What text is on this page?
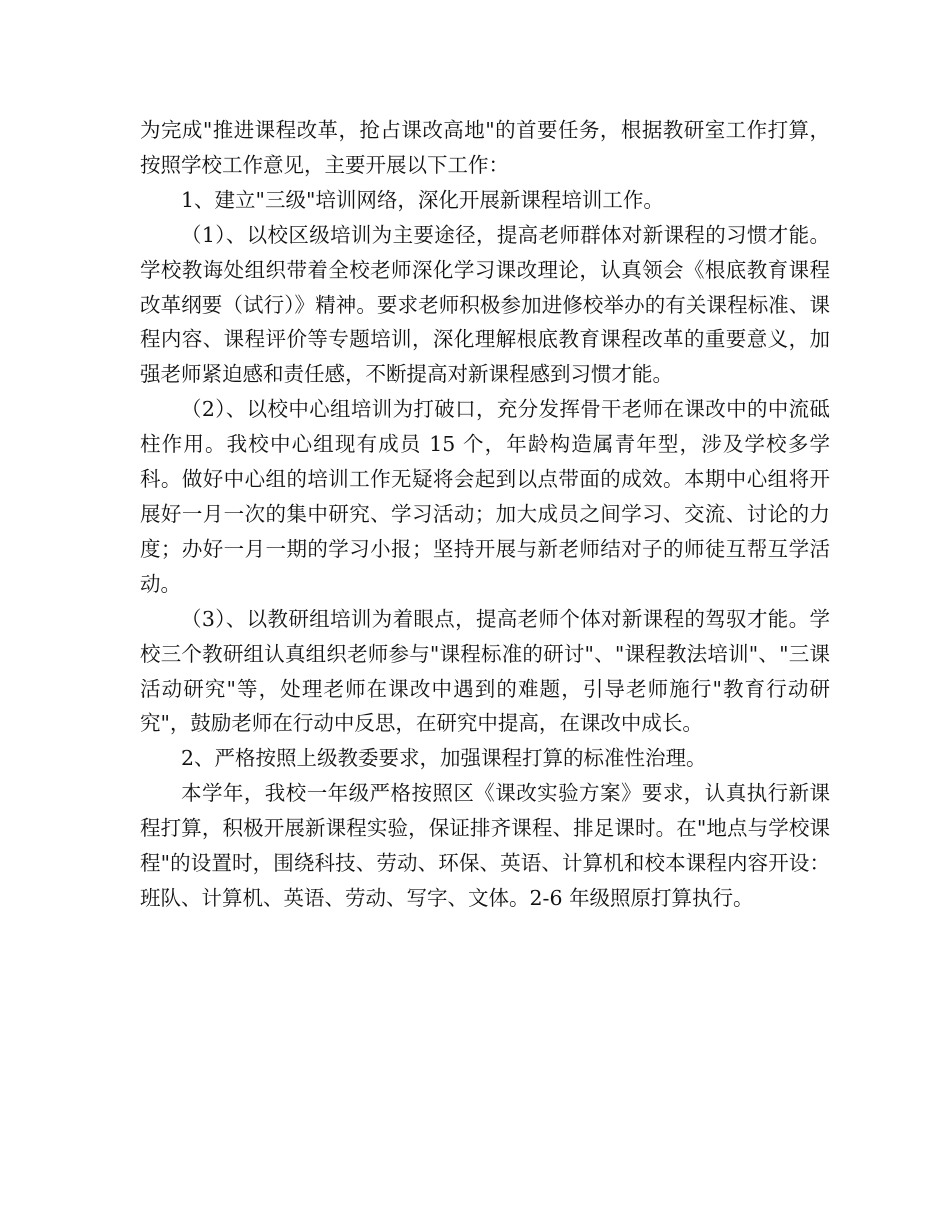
为完成"推进课程改革，抢占课改高地"的首要任务，根据教研室工作打算，按照学校工作意见，主要开展以下工作：

1、建立"三级"培训网络，深化开展新课程培训工作。

（1）、以校区级培训为主要途径，提高老师群体对新课程的习惯才能。学校教诲处组织带着全校老师深化学习课改理论，认真领会《根底教育课程改革纲要（试行）》精神。要求老师积极参加进修校举办的有关课程标准、课程内容、课程评价等专题培训，深化理解根底教育课程改革的重要意义，加强老师紧迫感和责任感，不断提高对新课程感到习惯才能。

（2）、以校中心组培训为打破口，充分发挥骨干老师在课改中的中流砥柱作用。我校中心组现有成员 15 个，年龄构造属青年型，涉及学校多学科。做好中心组的培训工作无疑将会起到以点带面的成效。本期中心组将开展好一月一次的集中研究、学习活动；加大成员之间学习、交流、讨论的力度；办好一月一期的学习小报；坚持开展与新老师结对子的师徒互帮互学活动。

（3）、以教研组培训为着眼点，提高老师个体对新课程的驾驭才能。学校三个教研组认真组织老师参与"课程标准的研讨"、"课程教法培训"、"三课活动研究"等，处理老师在课改中遇到的难题，引导老师施行"教育行动研究"，鼓励老师在行动中反思，在研究中提高，在课改中成长。

2、严格按照上级教委要求，加强课程打算的标准性治理。

本学年，我校一年级严格按照区《课改实验方案》要求，认真执行新课程打算，积极开展新课程实验，保证排齐课程、排足课时。在"地点与学校课程"的设置时，围绕科技、劳动、环保、英语、计算机和校本课程内容开设：班队、计算机、英语、劳动、写字、文体。2-6 年级照原打算执行。
